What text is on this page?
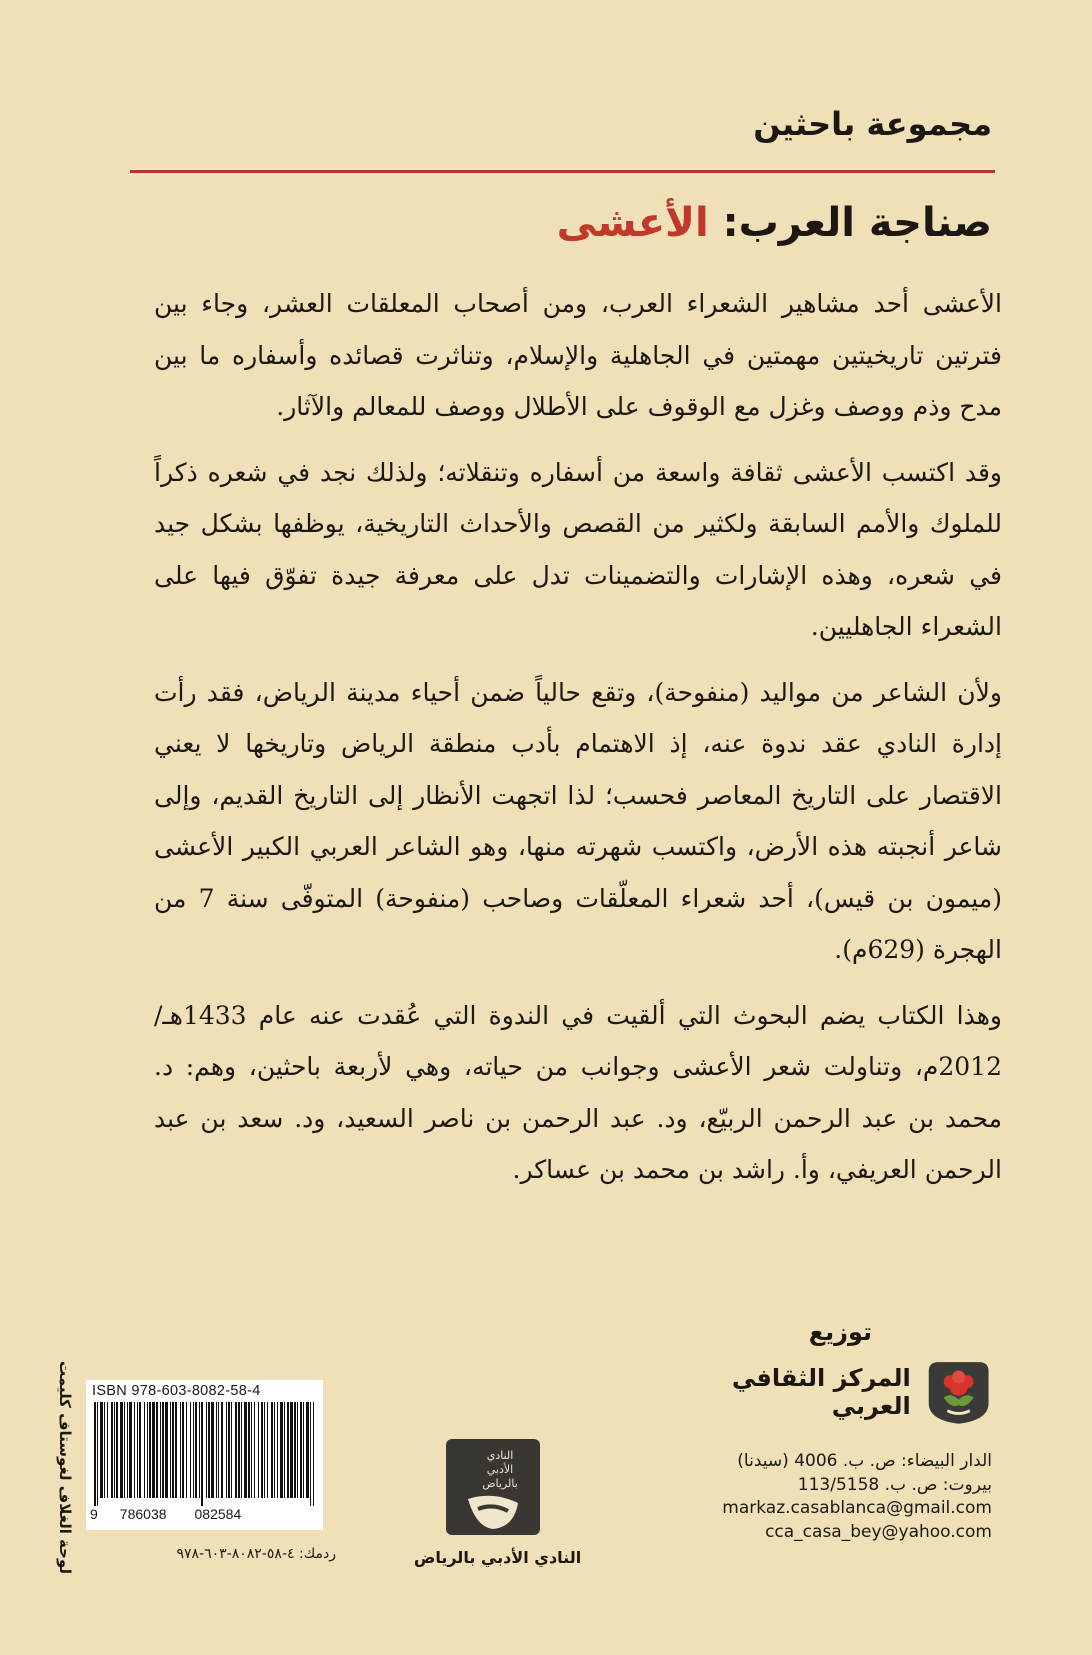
مجموعة باحثين
صناجة العرب: الأعشى

الأعشى أحد مشاهير الشعراء العرب، ومن أصحاب المعلقات العشر، وجاء بين فترتين تاريخيتين مهمتين في الجاهلية والإسلام، وتناثرت قصائده وأسفاره ما بين مدح وذم ووصف وغزل مع الوقوف على الأطلال ووصف للمعالم والآثار.

وقد اكتسب الأعشى ثقافة واسعة من أسفاره وتنقلاته؛ ولذلك نجد في شعره ذكراً للملوك والأمم السابقة ولكثير من القصص والأحداث التاريخية، يوظفها بشكل جيد في شعره، وهذه الإشارات والتضمينات تدل على معرفة جيدة تفوّق فيها على الشعراء الجاهليين.

ولأن الشاعر من مواليد (منفوحة)، وتقع حالياً ضمن أحياء مدينة الرياض، فقد رأت إدارة النادي عقد ندوة عنه، إذ الاهتمام بأدب منطقة الرياض وتاريخها لا يعني الاقتصار على التاريخ المعاصر فحسب؛ لذا اتجهت الأنظار إلى التاريخ القديم، وإلى شاعر أنجبته هذه الأرض، واكتسب شهرته منها، وهو الشاعر العربي الكبير الأعشى (ميمون بن قيس)، أحد شعراء المعلّقات وصاحب (منفوحة) المتوفّى سنة 7 من الهجرة (629م).

وهذا الكتاب يضم البحوث التي ألقيت في الندوة التي عُقدت عنه عام 1433هـ/ 2012م، وتناولت شعر الأعشى وجوانب من حياته، وهي لأربعة باحثين، وهم: د. محمد بن عبد الرحمن الربيّع، ود. عبد الرحمن بن ناصر السعيد، ود. سعد بن عبد الرحمن العريفي، وأ. راشد بن محمد بن عساكر.

توزيع
المركز الثقافي العربي
الدار البيضاء: ص. ب. 4006 (سيدنا)
بيروت: ص. ب. 113/5158
markaz.casablanca@gmail.com
cca_casa_bey@yahoo.com
ISBN 978-603-8082-58-4
9 786038 082584
ردمك: ٤-٥٨-٨٠٨٢-٦٠٣-٩٧٨
لوحة الغلاف لغوستاف كليمت	النادي
الأدبي
بالرياض
النادي الأدبي بالرياض
